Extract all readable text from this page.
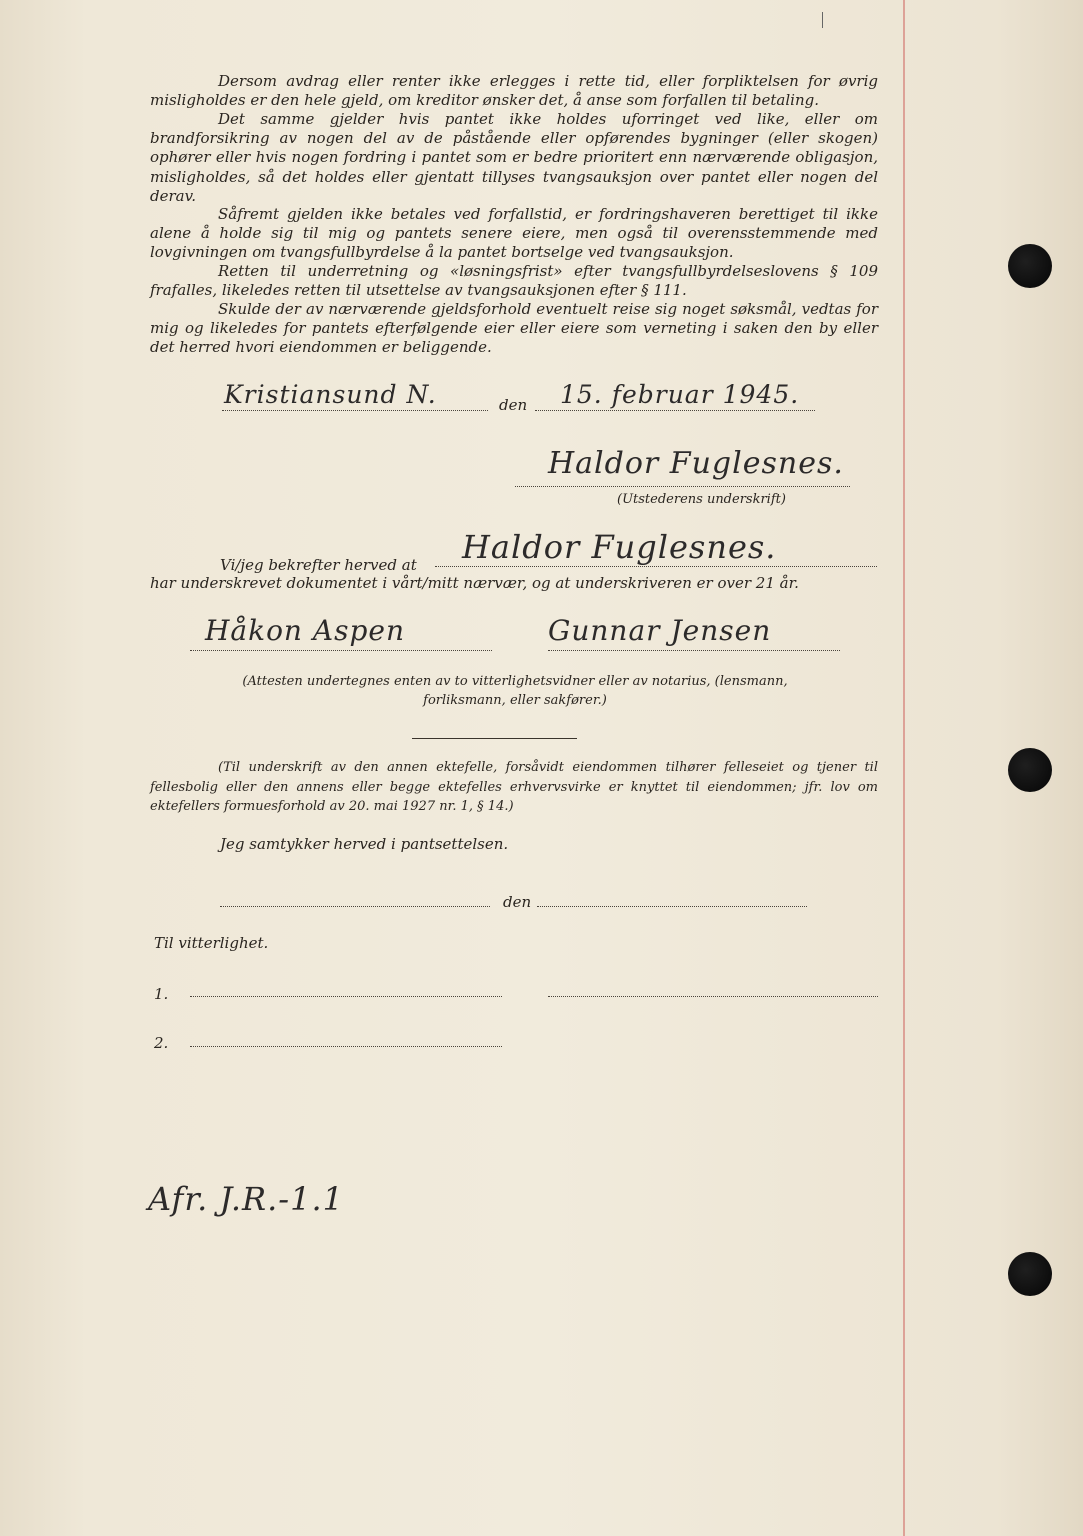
Dersom avdrag eller renter ikke erlegges i rette tid, eller forpliktelsen for øvrig misligholdes er den hele gjeld, om kreditor ønsker det, å anse som forfallen til betaling.

Det samme gjelder hvis pantet ikke holdes uforringet ved like, eller om brandforsikring av nogen del av de påstående eller opførendes bygninger (eller skogen) ophører eller hvis nogen fordring i pantet som er bedre prioritert enn nærværende obligasjon, misligholdes, så det holdes eller gjentatt tillyses tvangsauksjon over pantet eller nogen del derav.

Såfremt gjelden ikke betales ved forfallstid, er fordringshaveren berettiget til ikke alene å holde sig til mig og pantets senere eiere, men også til overensstemmende med lovgivningen om tvangsfullbyrdelse å la pantet bortselge ved tvangsauksjon.

Retten til underretning og «løsningsfrist» efter tvangsfullbyrdelseslovens § 109 frafalles, likeledes retten til utsettelse av tvangsauksjonen efter § 111.

Skulde der av nærværende gjeldsforhold eventuelt reise sig noget søksmål, vedtas for mig og likeledes for pantets efterfølgende eier eller eiere som verneting i saken den by eller det herred hvori eiendommen er beliggende.

Kristiansund N.	den 15. februar 1945.
Haldor Fuglesnes.
(Utstederens underskrift)
Vi/jeg bekrefter herved at Haldor Fuglesnes.
har underskrevet dokumentet i vårt/mitt nærvær, og at underskriveren er over 21 år.
Håkon Aspen	Gunnar Jensen
(Attesten undertegnes enten av to vitterlighetsvidner eller av notarius, (lensmann, forliksmann, eller sakfører.)

(Til underskrift av den annen ektefelle, forsåvidt eiendommen tilhører felleseiet og tjener til fellesbolig eller den annens eller begge ektefelles erhvervsvirke er knyttet til eiendommen; jfr. lov om ektefellers formuesforhold av 20. mai 1927 nr. 1, § 14.)

Jeg samtykker herved i pantsettelsen.
den
Til vitterlighet.
1.
2.
Afr. J.R.-1.1
